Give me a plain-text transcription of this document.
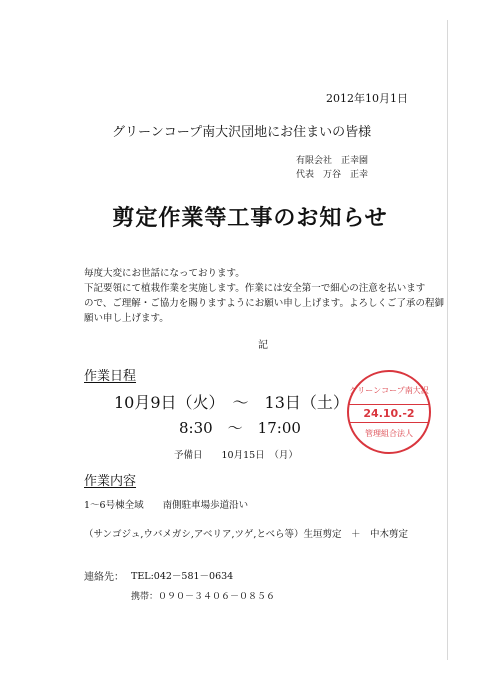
2012年10月1日
グリーンコープ南大沢団地にお住まいの皆様
有限会社　正幸園
代表　万谷　正幸
剪定作業等工事のお知らせ
毎度大変にお世話になっております。
下記要領にて植栽作業を実施します。作業には安全第一で細心の注意を払います
ので、ご理解・ご協力を賜りますようにお願い申し上げます。よろしくご了承の程御
願い申し上げます。
記
作業日程
10月9日（火）　～　13日（土）
8:30　～　17:00
予備日　　10月15日　（月）
グリーンコープ南大沢
24.10.-2
管理組合法人
作業内容
1～6号棟全域　　南側駐車場歩道沿い
（サンゴジュ,ウバメガシ,アベリア,ツゲ,とべら等）生垣剪定　＋　中木剪定
連絡先： TEL:042－581－0634
携帯：０９０－３４０６－０８５６
